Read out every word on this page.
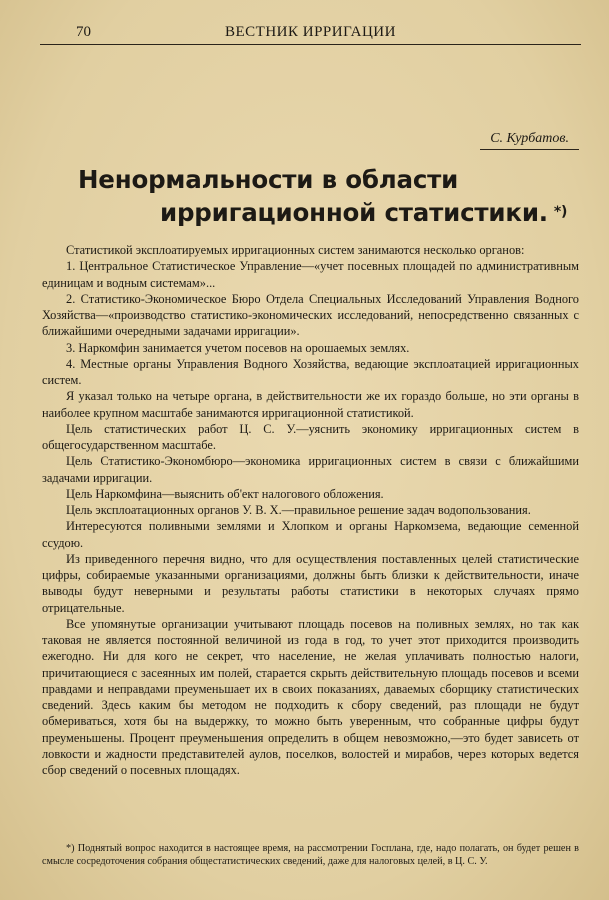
70	ВЕСТНИК ИРРИГАЦИИ
С. Курбатов.
Ненормальности в области
ирригационной статистики. *)

Статистикой эксплоатируемых ирригационных систем занимаются несколько органов:

1. Центральное Статистическое Управление—«учет посевных площадей по административным единицам и водным системам»...

2. Статистико-Экономическое Бюро Отдела Специальных Исследований Управления Водного Хозяйства—«производство статистико-экономических исследований, непосредственно связанных с ближайшими очередными задачами ирригации».

3. Наркомфин занимается учетом посевов на орошаемых землях.

4. Местные органы Управления Водного Хозяйства, ведающие эксплоатацией ирригационных систем.

Я указал только на четыре органа, в действительности же их гораздо больше, но эти органы в наиболее крупном масштабе занимаются ирригационной статистикой.

Цель статистических работ Ц. С. У.—уяснить экономику ирригационных систем в общегосударственном масштабе.

Цель Статистико-Экономбюро—экономика ирригационных систем в связи с ближайшими задачами ирригации.

Цель Наркомфина—выяснить об'ект налогового обложения.

Цель эксплоатационных органов У. В. Х.—правильное решение задач водопользования.

Интересуются поливными землями и Хлопком и органы Наркомзема, ведающие семенной ссудою.

Из приведенного перечня видно, что для осуществления поставленных целей статистические цифры, собираемые указанными организациями, должны быть близки к действительности, иначе выводы будут неверными и результаты работы статистики в некоторых случаях прямо отрицательные.

Все упомянутые организации учитывают площадь посевов на поливных землях, но так как таковая не является постоянной величиной из года в год, то учет этот приходится производить ежегодно. Ни для кого не секрет, что население, не желая уплачивать полностью налоги, причитающиеся с засеянных им полей, старается скрыть действительную площадь посевов и всеми правдами и неправдами преуменьшает их в своих показаниях, даваемых сборщику статистических сведений. Здесь каким бы методом не подходить к сбору сведений, раз площади не будут обмериваться, хотя бы на выдержку, то можно быть уверенным, что собранные цифры будут преуменьшены. Процент преуменьшения определить в общем невозможно,—это будет зависеть от ловкости и жадности представителей аулов, поселков, волостей и мирабов, через которых ведется сбор сведений о посевных площадях.

*) Поднятый вопрос находится в настоящее время, на рассмотрении Госплана, где, надо полагать, он будет решен в смысле сосредоточения собрания общестатистических сведений, даже для налоговых целей, в Ц. С. У.
